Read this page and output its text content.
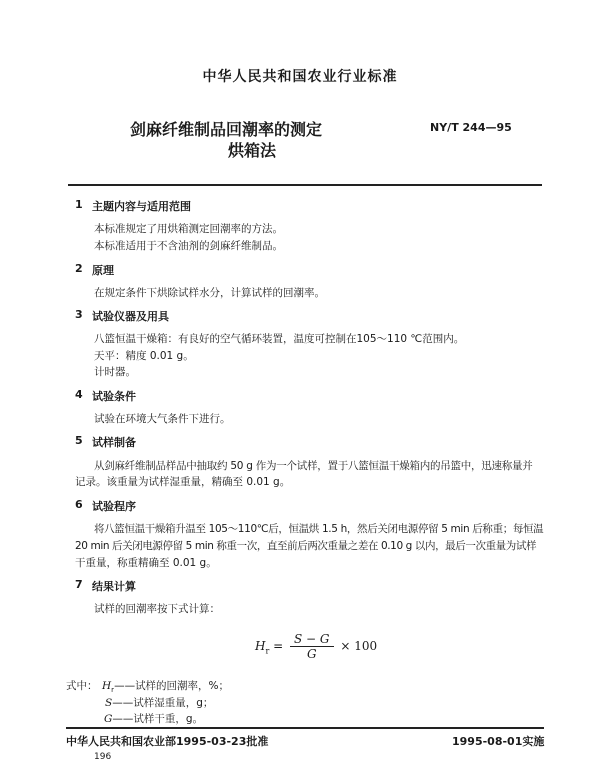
中华人民共和国农业行业标准
剑麻纤维制品回潮率的测定
烘箱法
NY/T 244—95
1 主题内容与适用范围
本标准规定了用烘箱测定回潮率的方法。
本标准适用于不含油剂的剑麻纤维制品。
2 原理
在规定条件下烘除试样水分，计算试样的回潮率。
3 试验仪器及用具
八篮恒温干燥箱：有良好的空气循环装置，温度可控制在105～110 ℃范围内。
天平：精度 0.01 g。
计时器。
4 试验条件
试验在环境大气条件下进行。
5 试样制备
从剑麻纤维制品样品中抽取约 50 g 作为一个试样，置于八篮恒温干燥箱内的吊篮中，迅速称量并
记录。该重量为试样湿重量，精确至 0.01 g。
6 试验程序
将八篮恒温干燥箱升温至 105～110℃后，恒温烘 1.5 h，然后关闭电源停留 5 min 后称重；每恒温
20 min 后关闭电源停留 5 min 称重一次，直至前后两次重量之差在 0.10 g 以内，最后一次重量为试样
干重量，称重精确至 0.01 g。
7 结果计算
试样的回潮率按下式计算：
$H_r = \frac{S - G}{G} \times 100$
式中： $H_r——$试样的回潮率，%；
S——试样湿重量，g；
G——试样干重，g。
中华人民共和国农业部1995-03-23批准	1995-08-01实施
196
